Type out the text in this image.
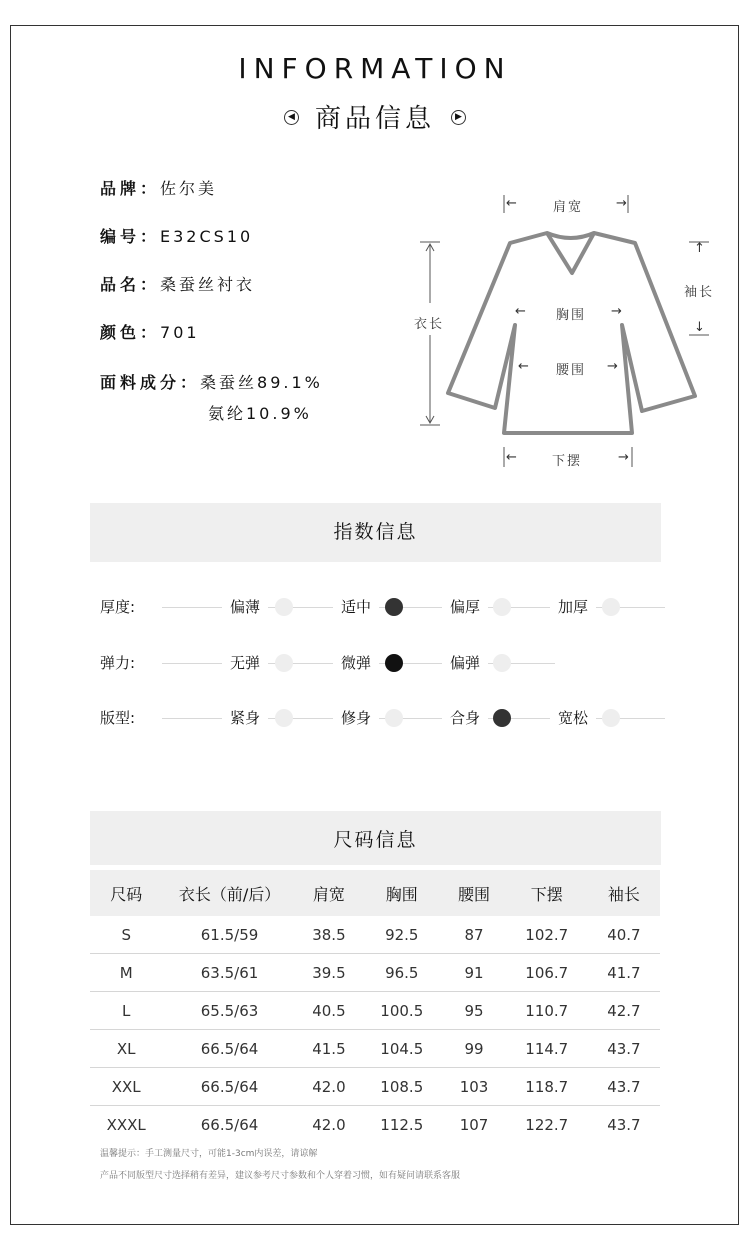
INFORMATION
◀ 商品信息 ▶
品牌：佐尔美
编号：E32CS10
品名：桑蚕丝衬衣
颜色：701
面料成分：桑蚕丝89.1%
氨纶10.9%
←	肩宽	→
衣长
↑
袖长
↓
← 胸围 →
← 腰围 →
←	下摆	→
指数信息
厚度:	偏薄	适中	偏厚	加厚
弹力:	无弹	微弹	偏弹
版型:	紧身	修身	合身	宽松
尺码信息
尺码	衣长（前/后）	肩宽	胸围	腰围	下摆	袖长
S	61.5/59	38.5	92.5	87	102.7	40.7
M	63.5/61	39.5	96.5	91	106.7	41.7
L	65.5/63	40.5	100.5	95	110.7	42.7
XL	66.5/64	41.5	104.5	99	114.7	43.7
XXL	66.5/64	42.0	108.5	103	118.7	43.7
XXXL	66.5/64	42.0	112.5	107	122.7	43.7
温馨提示：手工测量尺寸，可能1-3cm内误差，请谅解
产品不同版型尺寸选择稍有差异，建议参考尺寸参数和个人穿着习惯，如有疑问请联系客服
